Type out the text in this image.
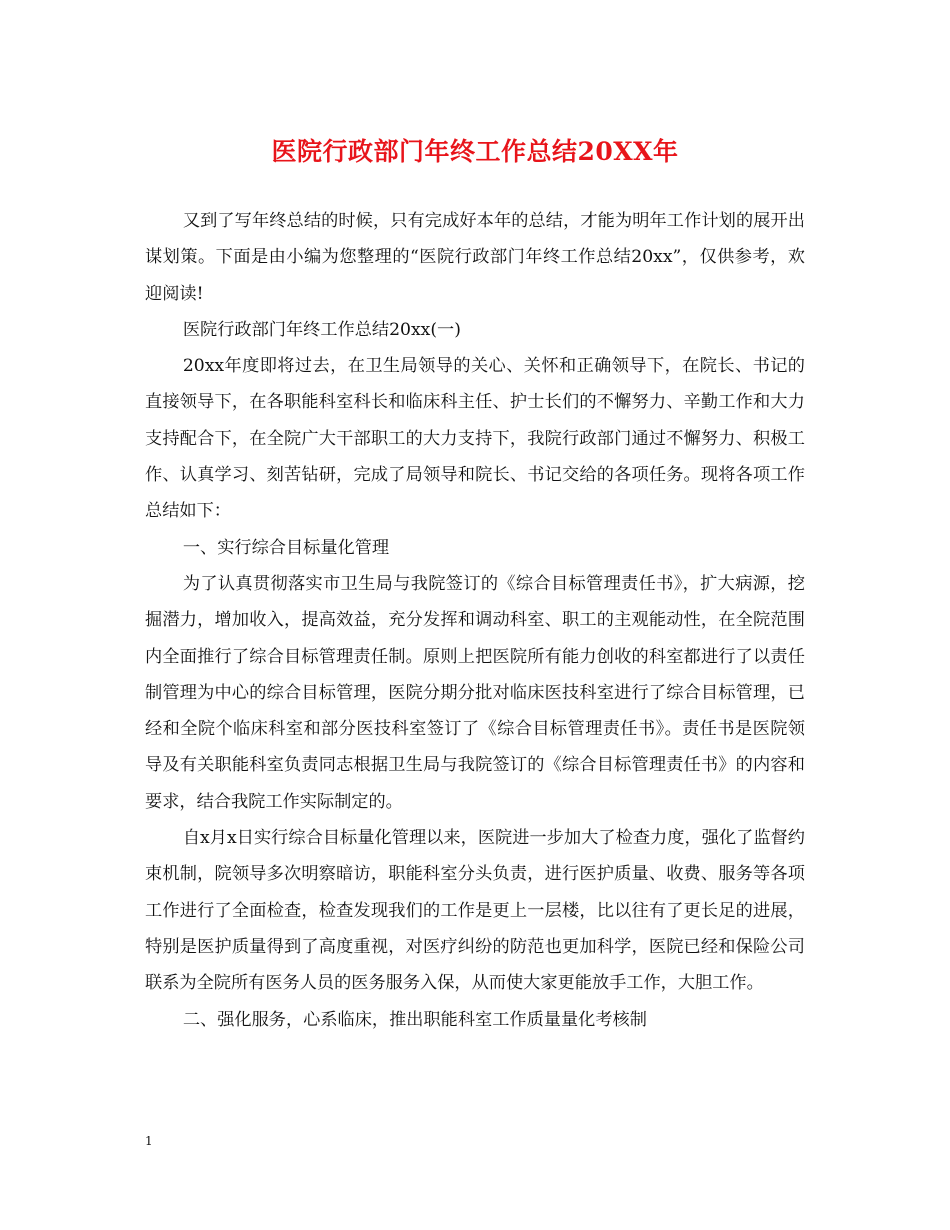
医院行政部门年终工作总结20XX年

又到了写年终总结的时候，只有完成好本年的总结，才能为明年工作计划的展开出谋划策。下面是由小编为您整理的“医院行政部门年终工作总结20xx”，仅供参考，欢迎阅读!

医院行政部门年终工作总结20xx(一)

20xx年度即将过去，在卫生局领导的关心、关怀和正确领导下，在院长、书记的直接领导下，在各职能科室科长和临床科主任、护士长们的不懈努力、辛勤工作和大力支持配合下，在全院广大干部职工的大力支持下，我院行政部门通过不懈努力、积极工作、认真学习、刻苦钻研，完成了局领导和院长、书记交给的各项任务。现将各项工作总结如下：

一、实行综合目标量化管理

为了认真贯彻落实市卫生局与我院签订的《综合目标管理责任书》，扩大病源，挖掘潜力，增加收入，提高效益，充分发挥和调动科室、职工的主观能动性，在全院范围内全面推行了综合目标管理责任制。原则上把医院所有能力创收的科室都进行了以责任制管理为中心的综合目标管理，医院分期分批对临床医技科室进行了综合目标管理，已经和全院个临床科室和部分医技科室签订了《综合目标管理责任书》。责任书是医院领导及有关职能科室负责同志根据卫生局与我院签订的《综合目标管理责任书》的内容和要求，结合我院工作实际制定的。

自x月x日实行综合目标量化管理以来，医院进一步加大了检查力度，强化了监督约束机制，院领导多次明察暗访，职能科室分头负责，进行医护质量、收费、服务等各项工作进行了全面检查，检查发现我们的工作是更上一层楼，比以往有了更长足的进展，特别是医护质量得到了高度重视，对医疗纠纷的防范也更加科学，医院已经和保险公司联系为全院所有医务人员的医务服务入保，从而使大家更能放手工作，大胆工作。

二、强化服务，心系临床，推出职能科室工作质量量化考核制

1
